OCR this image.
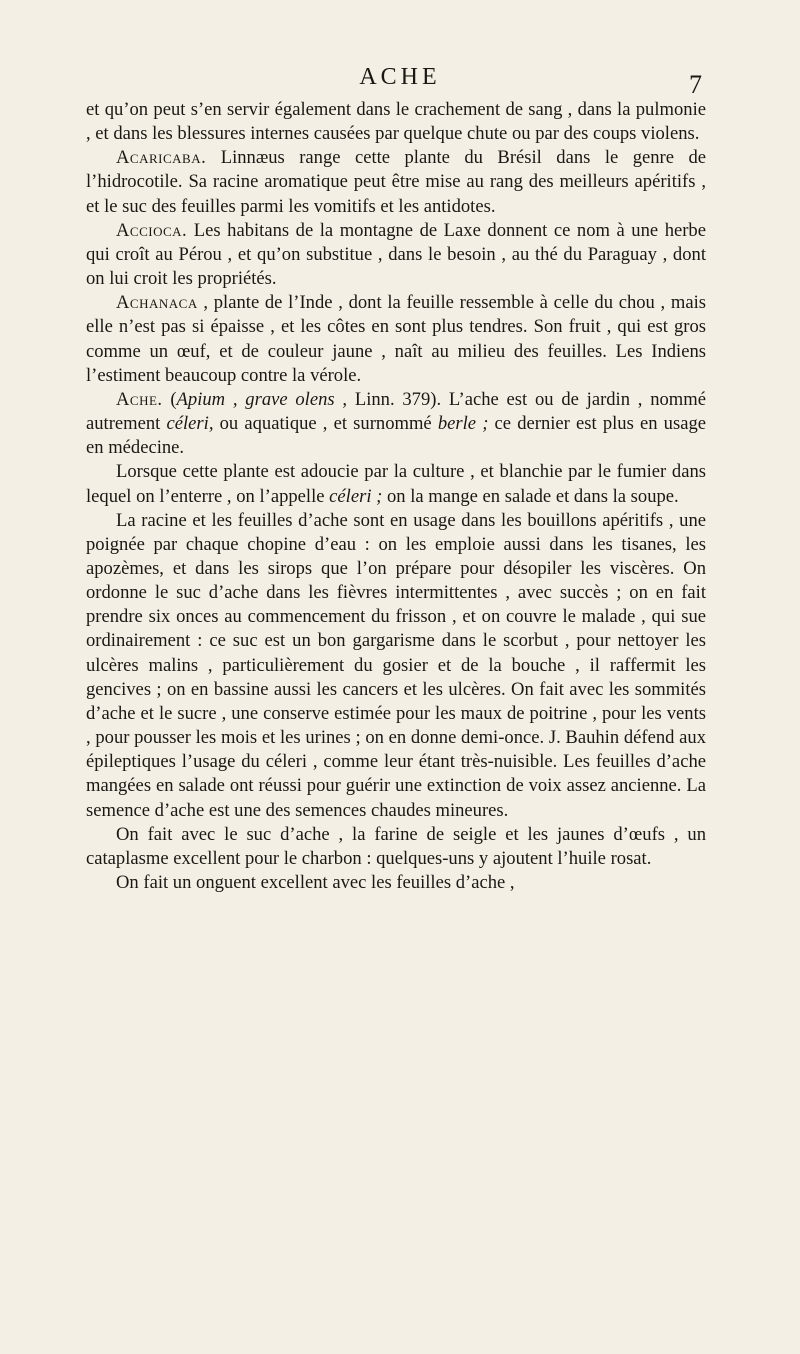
ACHE	7

et qu’on peut s’en servir également dans le crachement de sang , dans la pulmonie , et dans les blessures internes causées par quelque chute ou par des coups violens.

Acaricaba. Linnæus range cette plante du Brésil dans le genre de l’hidrocotile. Sa racine aromatique peut être mise au rang des meilleurs apéritifs , et le suc des feuilles parmi les vomitifs et les antidotes.

Accioca. Les habitans de la montagne de Laxe donnent ce nom à une herbe qui croît au Pérou , et qu’on substitue , dans le besoin , au thé du Paraguay , dont on lui croit les propriétés.

Achanaca , plante de l’Inde , dont la feuille ressemble à celle du chou , mais elle n’est pas si épaisse , et les côtes en sont plus tendres. Son fruit , qui est gros comme un œuf, et de couleur jaune , naît au milieu des feuilles. Les Indiens l’estiment beaucoup contre la vérole.

Ache. (Apium , grave olens , Linn. 379). L’ache est ou de jardin , nommé autrement céleri, ou aquatique , et surnommé berle ; ce dernier est plus en usage en médecine.

Lorsque cette plante est adoucie par la culture , et blanchie par le fumier dans lequel on l’enterre , on l’appelle céleri ; on la mange en salade et dans la soupe.

La racine et les feuilles d’ache sont en usage dans les bouillons apéritifs , une poignée par chaque chopine d’eau : on les emploie aussi dans les tisanes, les apozèmes, et dans les sirops que l’on prépare pour désopiler les viscères. On ordonne le suc d’ache dans les fièvres intermittentes , avec succès ; on en fait prendre six onces au commencement du frisson , et on couvre le malade , qui sue ordinairement : ce suc est un bon gargarisme dans le scorbut , pour nettoyer les ulcères malins , particulièrement du gosier et de la bouche , il raffermit les gencives ; on en bassine aussi les cancers et les ulcères. On fait avec les sommités d’ache et le sucre , une conserve estimée pour les maux de poitrine , pour les vents , pour pousser les mois et les urines ; on en donne demi-once. J. Bauhin défend aux épileptiques l’usage du céleri , comme leur étant très-nuisible. Les feuilles d’ache mangées en salade ont réussi pour guérir une extinction de voix assez ancienne. La semence d’ache est une des semences chaudes mineures.

On fait avec le suc d’ache , la farine de seigle et les jaunes d’œufs , un cataplasme excellent pour le charbon : quelques-uns y ajoutent l’huile rosat.

On fait un onguent excellent avec les feuilles d’ache ,
